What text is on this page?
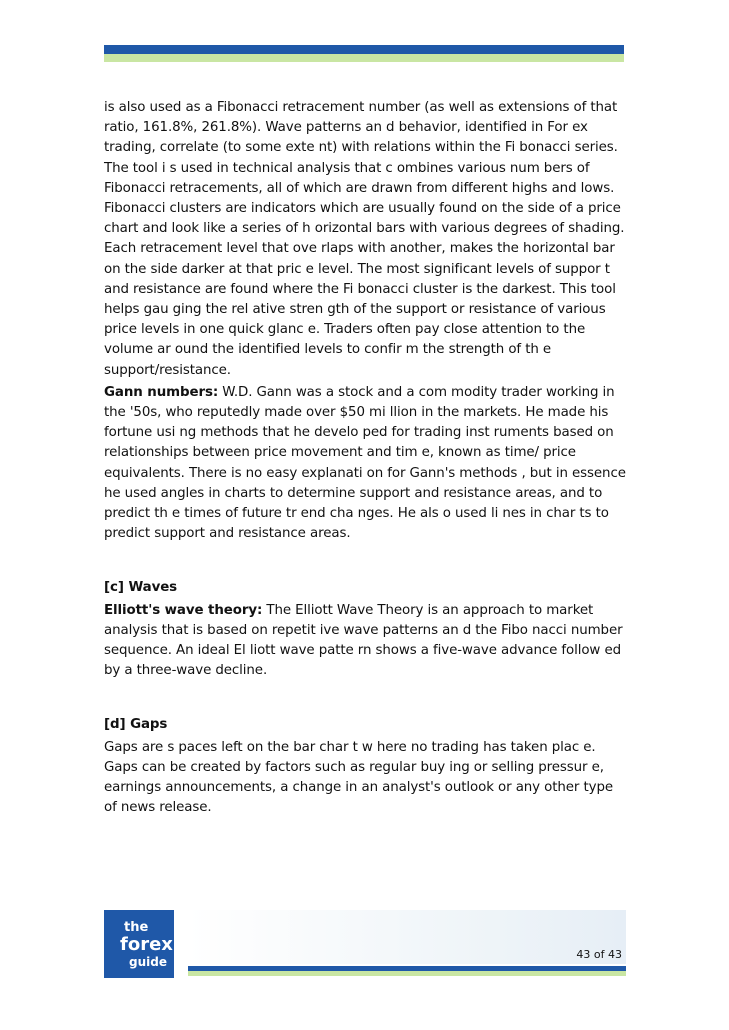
is also used as a Fibonacci retracement number (as well as extensions of that ratio, 161.8%, 261.8%). Wave patterns an d behavior, identified in For ex trading, correlate (to some exte nt) with relations within the Fi bonacci series. The tool i s used in technical analysis that c ombines various num bers of Fibonacci retracements, all of which are drawn from different highs and lows. Fibonacci clusters are indicators which are usually found on the side of a price chart and look like a series of h orizontal bars with various degrees of shading. Each retracement level that ove rlaps with another, makes the horizontal bar on the side darker at that pric e level. The most significant levels of suppor t and resistance are found where the Fi bonacci cluster is the darkest. This tool helps gau ging the rel ative stren gth of the support or resistance of various price levels in one quick glanc e. Traders often pay close attention to the volume ar ound the identified levels to confir m the strength of th e support/resistance.

Gann numbers: W.D. Gann was a stock and a com modity trader working in the '50s, who reputedly made over $50 mi llion in the markets. He made his fortune usi ng methods that he develo ped for trading inst ruments based on relationships between price movement and tim e, known as time/ price equivalents. There is no easy explanati on for Gann's methods , but in essence he used angles in charts to determine support and resistance areas, and to predict th e times of future tr end cha nges. He als o used li nes in char ts to predict support and resistance areas.

[c] Waves

Elliott's wave theory: The Elliott Wave Theory is an approach to market analysis that is based on repetit ive wave patterns an d the Fibo nacci number sequence. An ideal El liott wave patte rn shows a five-wave advance follow ed by a three-wave decline.

[d] Gaps

Gaps are s paces left on the bar char t w here no trading has taken plac e. Gaps can be created by factors such as regular buy ing or selling pressur e, earnings announcements, a change in an analyst's outlook or any other type of news release.

the
forex
guide
43 of 43
